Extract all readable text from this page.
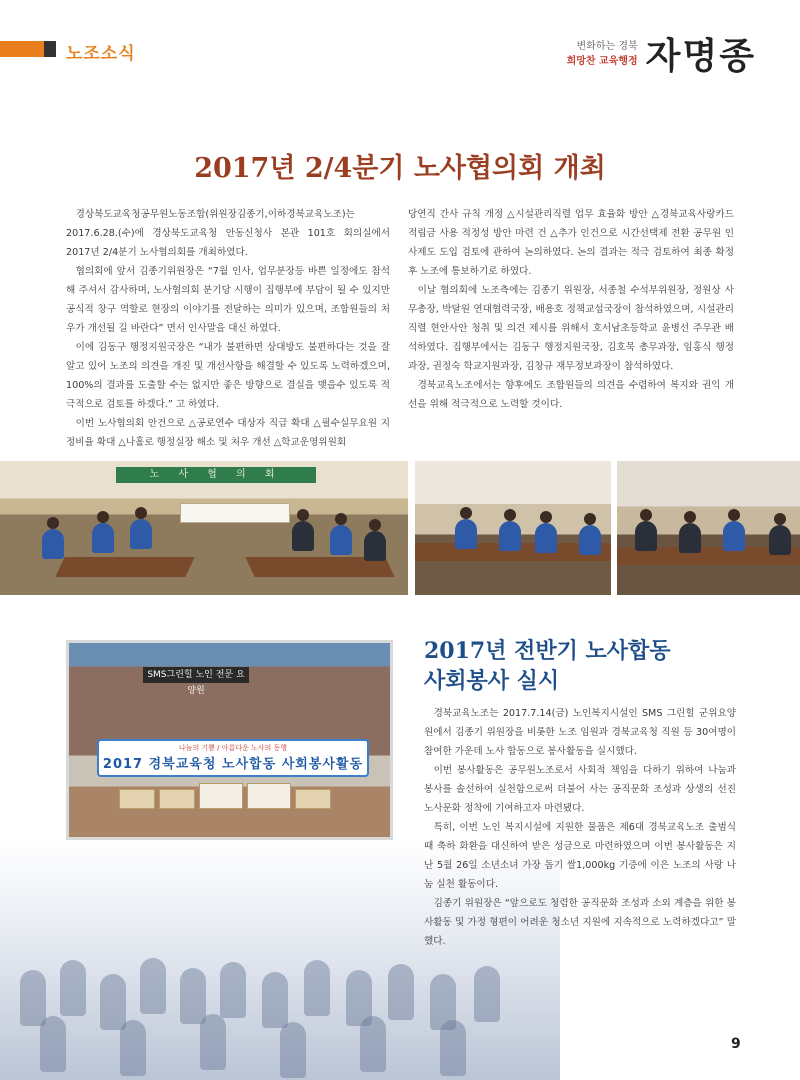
노조소식	변화하는 경북
희망찬 교육행정 자명종
2017년 2/4분기 노사협의회 개최

경상북도교육청공무원노동조합(위원장김종기,이하경북교육노조)는 2017.6.28.(수)에 경상북도교육청 안동신청사 본관 101호 회의실에서 2017년 2/4분기 노사협의회를 개최하였다.

협의회에 앞서 김종기위원장은 “7월 인사, 업무분장등 바쁜 일정에도 참석해 주셔서 감사하며, 노사협의회 분기당 시행이 집행부에 부담이 될 수 있지만 공식적 창구 역할로 현장의 이야기를 전달하는 의미가 있으며, 조합원들의 처우가 개선될 길 바란다” 면서 인사말을 대신 하였다.

이에 김동구 행정지원국장은 “내가 불편하면 상대방도 불편하다는 것을 잘 알고 있어 노조의 의견을 개진 및 개선사항을 해결할 수 있도록 노력하겠으며, 100%의 결과를 도출할 수는 없지만 좋은 방향으로 결실을 맺을수 있도록 적극적으로 검토를 하겠다.” 고 하였다.

이번 노사협의회 안건으로 △공로연수 대상자 직급 확대 △필수실무요원 지정비율 확대 △나홀로 행정실장 해소 및 처우 개선 △학교운영위원회

당연직 간사 규칙 개정 △시설관리직렬 업무 효율화 방안 △경북교육사랑카드 적립금 사용 적정성 방안 마련 건 △추가 인건으로 시간선택제 전환 공무원 인사제도 도입 검토에 관하여 논의하였다. 논의 결과는 적극 검토하여 최종 확정후 노조에 통보하기로 하였다.

이날 협의회에 노조측에는 김종기 위원장, 서종철 수석부위원장, 정원상 사무총장, 박달원 연대협력국장, 배용호 정책교섭국장이 참석하였으며, 시설관리직렬 현안사안 청취 및 의견 제시를 위해서 호서남초등학교 윤병선 주무관 배석하였다. 집행부에서는 김동구 행정지원국장, 김호묵 총무과장, 임홍식 행정과장, 권정숙 학교지원과장, 김창규 재무정보과장이 참석하였다.

경북교육노조에서는 향후에도 조합원들의 의견을 수렴하여 복지와 권익 개선을 위해 적극적으로 노력할 것이다.

노 사 협 의 회
SMS그린힐 노인 전문 요양원
나눔의 기쁨 / 아름다운 노사의 동행
2017 경북교육청 노사합동 사회봉사활동
2017년 전반기 노사합동
사회봉사 실시

경북교육노조는 2017.7.14(금) 노인복지시설인 SMS 그린힐 군위요양원에서 김종기 위원장을 비롯한 노조 임원과 경북교육청 직원 등 30여명이 참여한 가운데 노사 합동으로 봉사활동을 실시했다.

이번 봉사활동은 공무원노조로서 사회적 책임을 다하기 위하여 나눔과 봉사를 솔선하여 실천함으로써 더불어 사는 공직문화 조성과 상생의 선진 노사문화 정착에 기여하고자 마련됐다.

특히, 이번 노인 복지시설에 지원한 물품은 제6대 경북교육노조 출범식 때 축하 화환을 대신하여 받은 성금으로 마련하였으며 이번 봉사활동은 지난 5월 26일 소년소녀 가장 돕기 쌀1,000kg 기증에 이은 노조의 사랑 나눔 실천 활동이다.

김종기 위원장은 “앞으로도 청렴한 공직문화 조성과 소외 계층을 위한 봉사활동 및 가정 형편이 어려운 청소년 지원에 지속적으로 노력하겠다고” 말했다.

9
